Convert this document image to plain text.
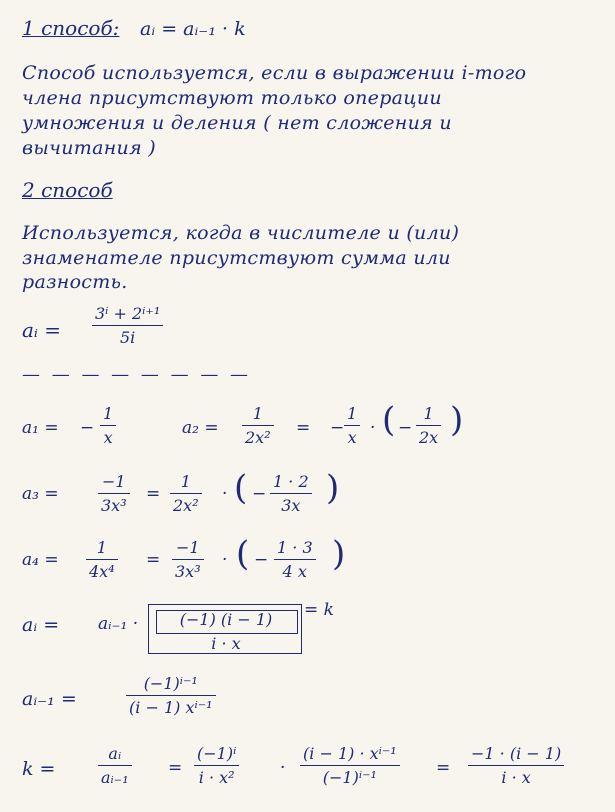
1 способ: aᵢ = aᵢ₋₁ · k
Способ используется, если в выражении i-того
члена присутствуют только операции
умножения и деления ( нет сложения и
вычитания )
2 способ
Используется, когда в числителе и (или)
знаменателе присутствуют сумма или
разность.
aᵢ =
3ⁱ + 2ⁱ⁺¹
5i
— — — — — — — —
a₁ = −
1
x	a₂ =
1
2x² = −
1
x · ( −
1
2x )
a₃ =
−1
3x³
=
1
2x²
· ( −
1 · 2
3x )
a₄ =
1
4x⁴
=
−1
3x³
· ( −
1 · 3
4 x )
aᵢ = aᵢ₋₁ ·	(−1) (i − 1)
i · x
= k
aᵢ₋₁ =
(−1)ⁱ⁻¹
(i − 1) xⁱ⁻¹
k =
aᵢ
aᵢ₋₁ =
(−1)ⁱ
i · x²	·
(i − 1) · xⁱ⁻¹
(−1)ⁱ⁻¹	=
−1 · (i − 1)
i · x
